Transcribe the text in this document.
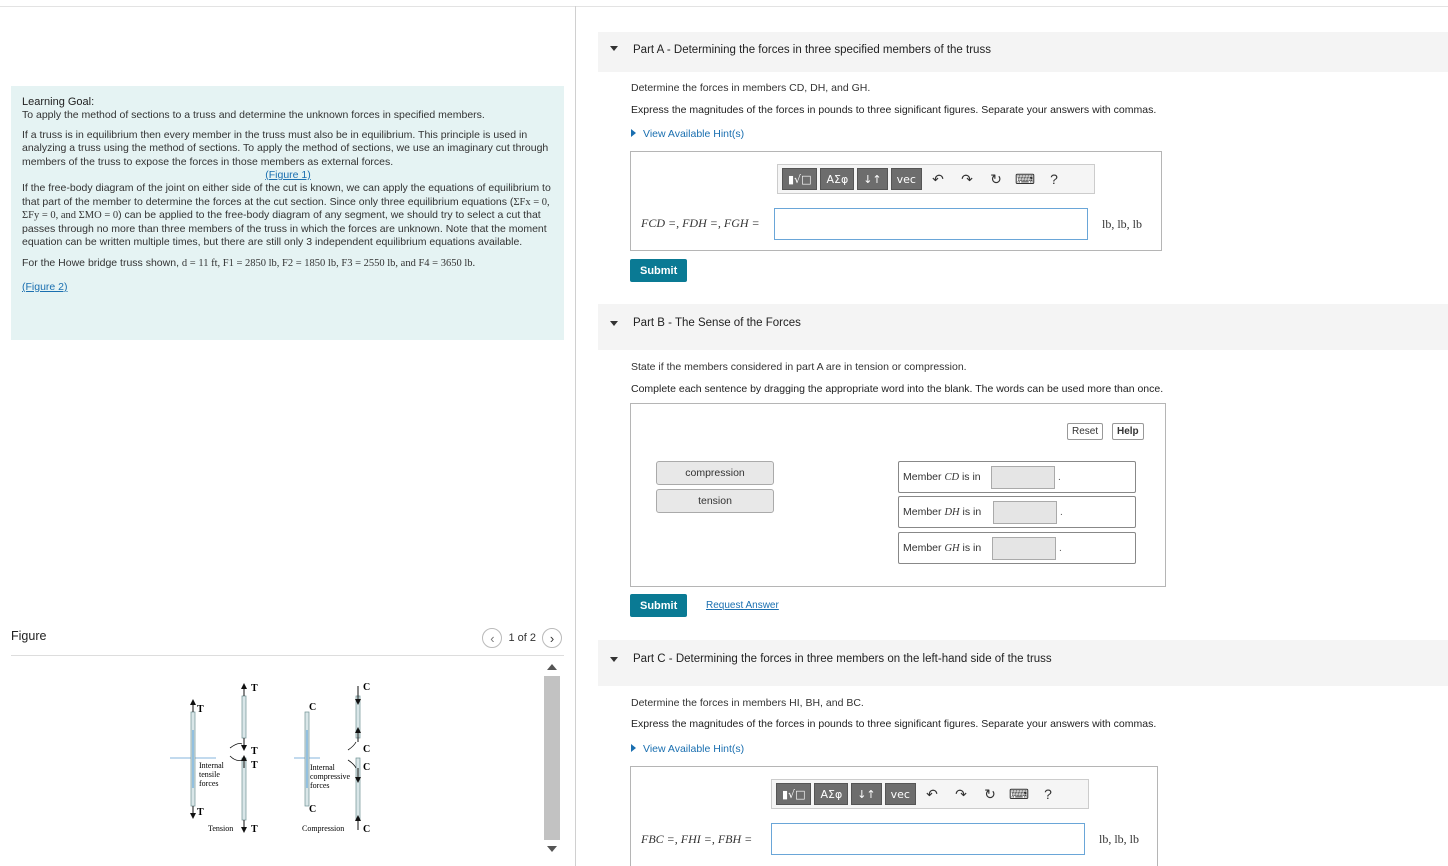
Learning Goal:

To apply the method of sections to a truss and determine the unknown forces in specified members.

If a truss is in equilibrium then every member in the truss must also be in equilibrium. This principle is used in analyzing a truss using the method of sections. To apply the method of sections, we use an imaginary cut through members of the truss to expose the forces in those members as external forces.
(Figure 1)

If the free-body diagram of the joint on either side of the cut is known, we can apply the equations of equilibrium to that part of the member to determine the forces at the cut section. Since only three equilibrium equations (ΣFx = 0, ΣFy = 0, and ΣMO = 0) can be applied to the free-body diagram of any segment, we should try to select a cut that passes through no more than three members of the truss in which the forces are unknown. Note that the moment equation can be written multiple times, but there are still only 3 independent equilibrium equations available.

For the Howe bridge truss shown, d = 11 ft, F1 = 2850 lb, F2 = 1850 lb, F3 = 2550 lb, and F4 = 3650 lb.

(Figure 2)

Figure	‹	1 of 2	›
T
T
T
T
T
T
Internal
tensile
forces
Tension
C
C
C
C
C
C
Internal
compressive
forces
Compression
Part A - Determining the forces in three specified members of the truss
Determine the forces in members CD, DH, and GH.
Express the magnitudes of the forces in pounds to three significant figures. Separate your answers with commas.
View Available Hint(s)
▮√□	ΑΣφ	↓↑	vec	↶	↷	↻ ⌨	?
FCD =, FDH =, FGH =	lb, lb, lb
Submit
Part B - The Sense of the Forces
State if the members considered in part A are in tension or compression.
Complete each sentence by dragging the appropriate word into the blank. The words can be used more than once.
Reset	Help
compression
tension
Member CD is in	.
Member DH is in	.
Member GH is in	.
Submit	Request Answer
Part C - Determining the forces in three members on the left-hand side of the truss
Determine the forces in members HI, BH, and BC.
Express the magnitudes of the forces in pounds to three significant figures. Separate your answers with commas.
View Available Hint(s)
▮√□	ΑΣφ	↓↑	vec	↶	↷	↻ ⌨	?
FBC =, FHI =, FBH =	lb, lb, lb
